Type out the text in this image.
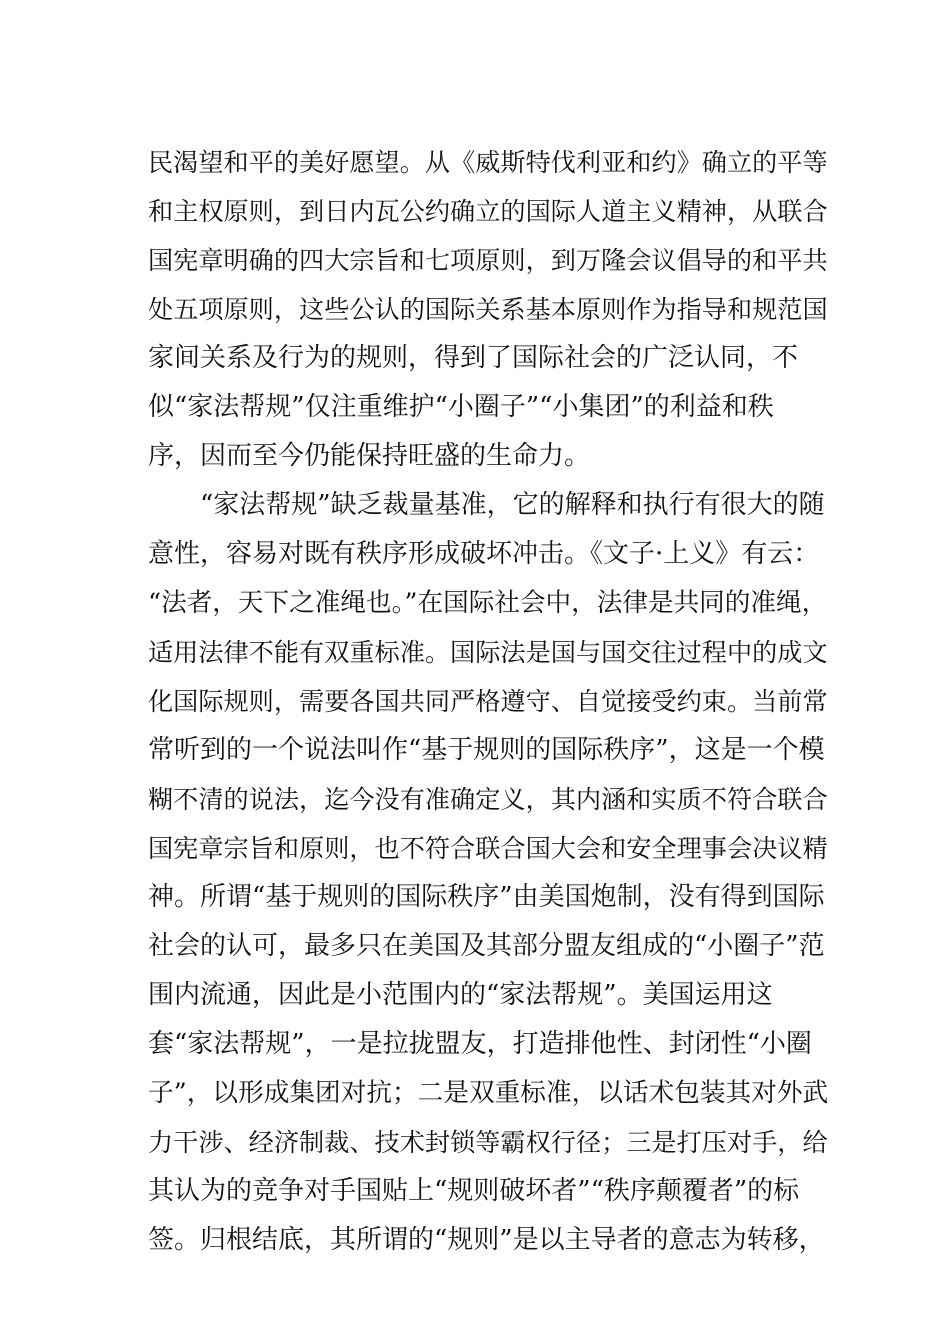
民渴望和平的美好愿望。从《威斯特伐利亚和约》确立的平等
和主权原则，到日内瓦公约确立的国际人道主义精神，从联合
国宪章明确的四大宗旨和七项原则，到万隆会议倡导的和平共
处五项原则，这些公认的国际关系基本原则作为指导和规范国
家间关系及行为的规则，得到了国际社会的广泛认同，不
似“家法帮规”仅注重维护“小圈子”“小集团”的利益和秩
序，因而至今仍能保持旺盛的生命力。
　　“家法帮规”缺乏裁量基准，它的解释和执行有很大的随
意性，容易对既有秩序形成破坏冲击。《文子·上义》有云：
“法者，天下之准绳也。”在国际社会中，法律是共同的准绳，
适用法律不能有双重标准。国际法是国与国交往过程中的成文
化国际规则，需要各国共同严格遵守、自觉接受约束。当前常
常听到的一个说法叫作“基于规则的国际秩序”，这是一个模
糊不清的说法，迄今没有准确定义，其内涵和实质不符合联合
国宪章宗旨和原则，也不符合联合国大会和安全理事会决议精
神。所谓“基于规则的国际秩序”由美国炮制，没有得到国际
社会的认可，最多只在美国及其部分盟友组成的“小圈子”范
围内流通，因此是小范围内的“家法帮规”。美国运用这
套“家法帮规”，一是拉拢盟友，打造排他性、封闭性“小圈
子”，以形成集团对抗；二是双重标准，以话术包装其对外武
力干涉、经济制裁、技术封锁等霸权行径；三是打压对手，给
其认为的竞争对手国贴上“规则破坏者”“秩序颠覆者”的标
签。归根结底，其所谓的“规则”是以主导者的意志为转移，
